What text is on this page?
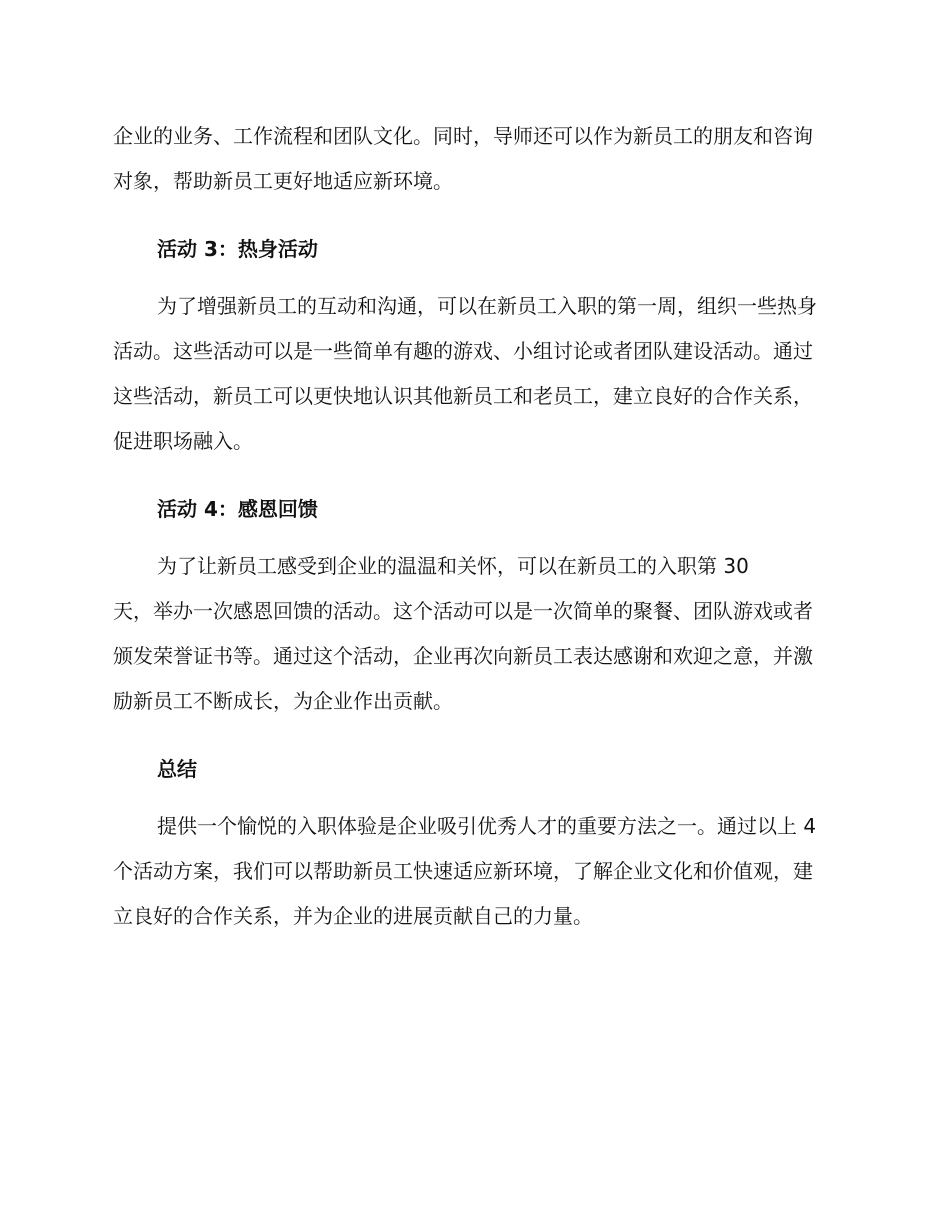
企业的业务、工作流程和团队文化。同时，导师还可以作为新员工的朋友和咨询对象，帮助新员工更好地适应新环境。

活动 3：热身活动

为了增强新员工的互动和沟通，可以在新员工入职的第一周，组织一些热身活动。这些活动可以是一些简单有趣的游戏、小组讨论或者团队建设活动。通过这些活动，新员工可以更快地认识其他新员工和老员工，建立良好的合作关系，促进职场融入。

活动 4：感恩回馈

为了让新员工感受到企业的温温和关怀，可以在新员工的入职第 30

天，举办一次感恩回馈的活动。这个活动可以是一次简单的聚餐、团队游戏或者颁发荣誉证书等。通过这个活动，企业再次向新员工表达感谢和欢迎之意，并激励新员工不断成长，为企业作出贡献。

总结

提供一个愉悦的入职体验是企业吸引优秀人才的重要方法之一。通过以上 4 个活动方案，我们可以帮助新员工快速适应新环境，了解企业文化和价值观，建立良好的合作关系，并为企业的进展贡献自己的力量。
